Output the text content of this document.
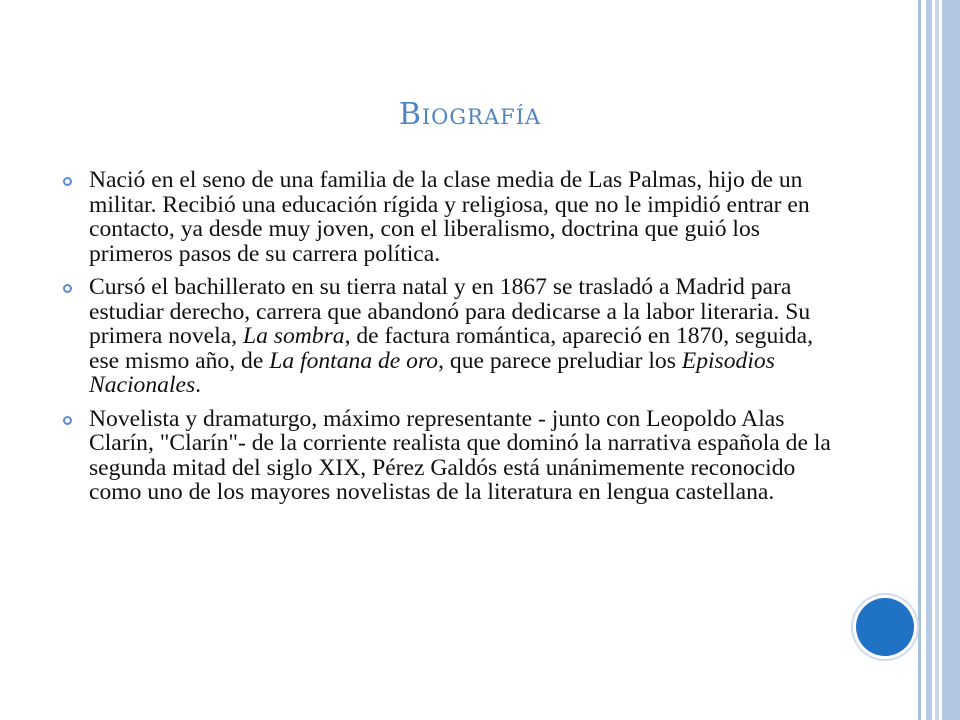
Biografía
Nació en el seno de una familia de la clase media de Las Palmas, hijo de un militar. Recibió una educación rígida y religiosa, que no le impidió entrar en contacto, ya desde muy joven, con el liberalismo, doctrina que guió los primeros pasos de su carrera política.
Cursó el bachillerato en su tierra natal y en 1867 se trasladó a Madrid para estudiar derecho, carrera que abandonó para dedicarse a la labor literaria. Su primera novela, La sombra, de factura romántica, apareció en 1870, seguida, ese mismo año, de La fontana de oro, que parece preludiar los Episodios Nacionales.
Novelista y dramaturgo, máximo representante - junto con Leopoldo Alas Clarín, "Clarín"- de la corriente realista que dominó la narrativa española de la segunda mitad del siglo XIX, Pérez Galdós está unánimemente reconocido como uno de los mayores novelistas de la literatura en lengua castellana.
